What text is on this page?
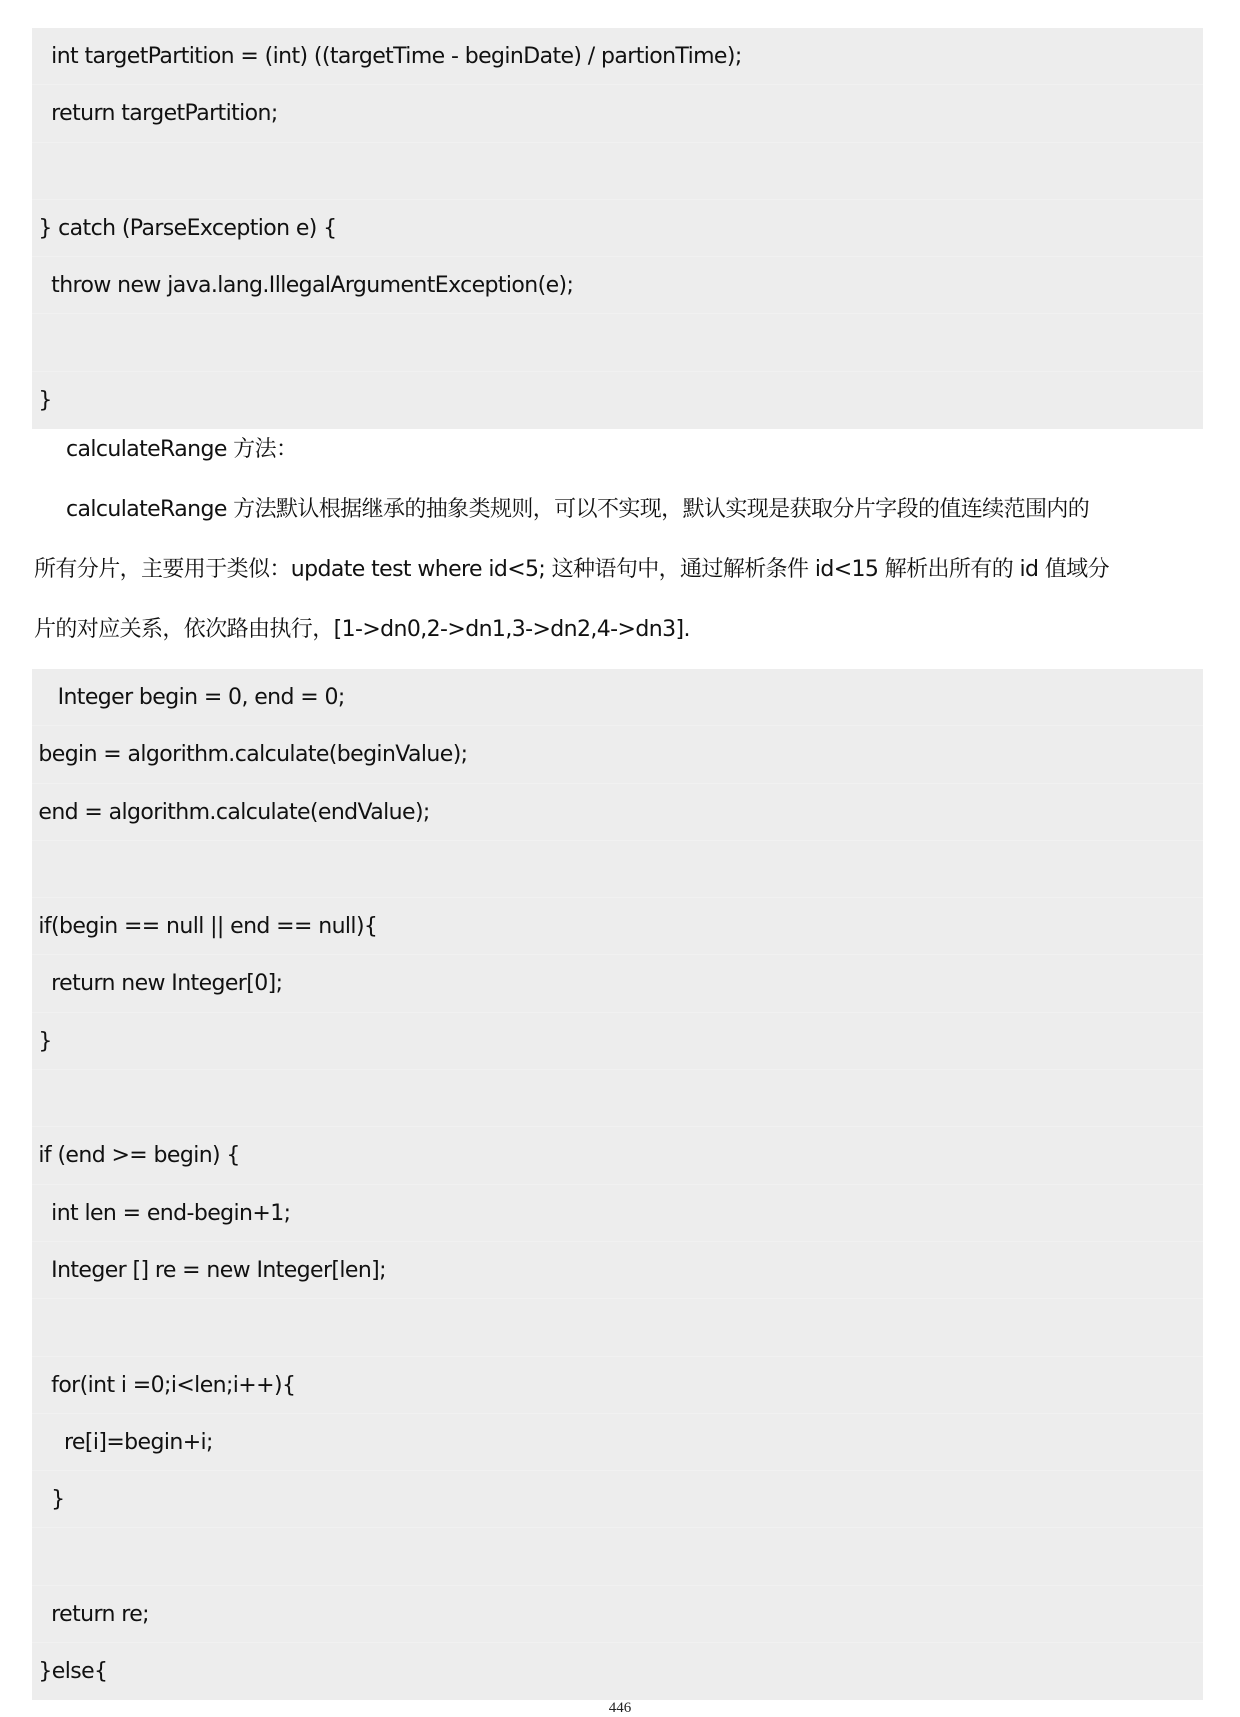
int targetPartition = (int) ((targetTime - beginDate) / partionTime);
return targetPartition;
} catch (ParseException e) {
throw new java.lang.IllegalArgumentException(e);
}
calculateRange 方法：
calculateRange 方法默认根据继承的抽象类规则，可以不实现，默认实现是获取分片字段的值连续范围内的
所有分片，主要用于类似：update test where id<5; 这种语句中，通过解析条件 id<15 解析出所有的 id 值域分
片的对应关系，依次路由执行，[1->dn0,2->dn1,3->dn2,4->dn3].
Integer begin = 0, end = 0;
begin = algorithm.calculate(beginValue);
end = algorithm.calculate(endValue);
if(begin == null || end == null){
return new Integer[0];
}
if (end >= begin) {
int len = end-begin+1;
Integer [] re = new Integer[len];
for(int i =0;i<len;i++){
re[i]=begin+i;
}
return re;
}else{
446
